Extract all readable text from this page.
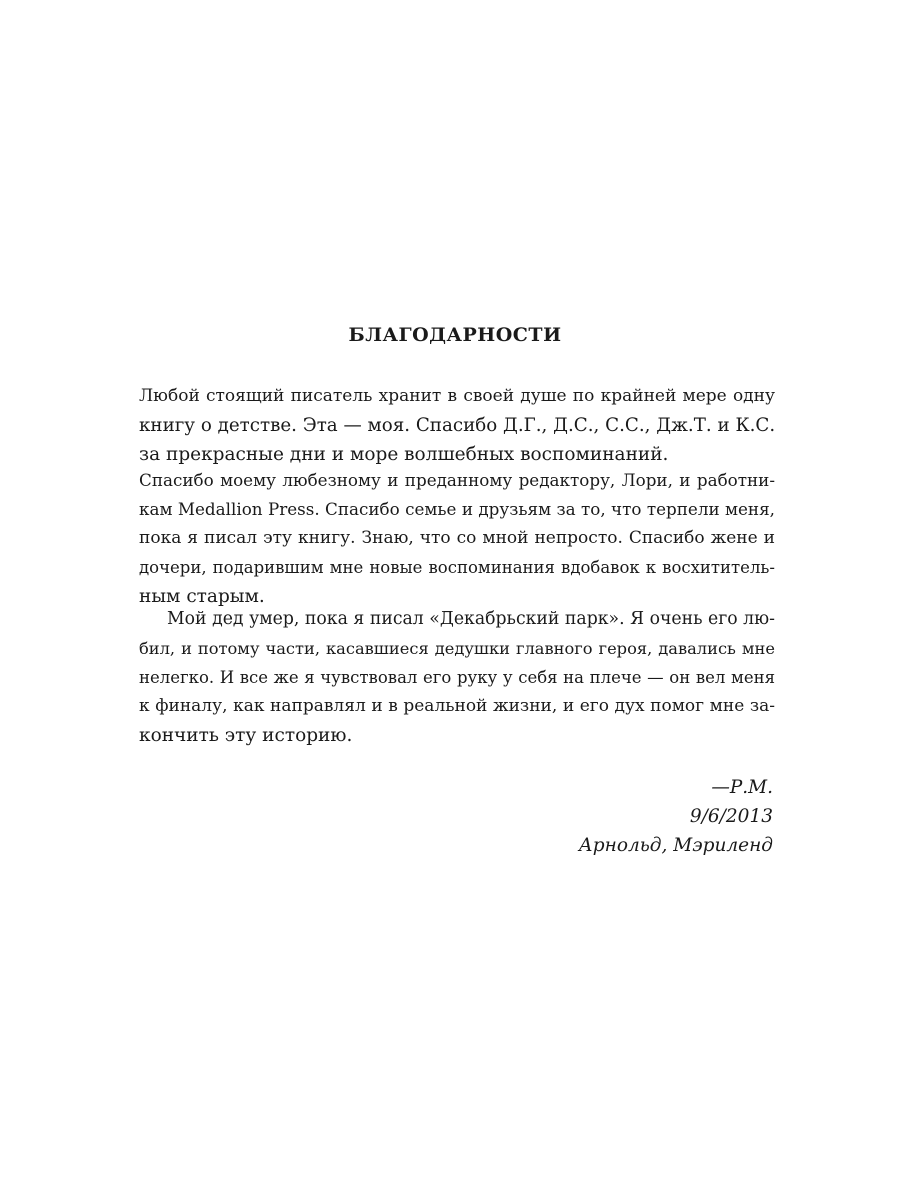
БЛАГОДАРНОСТИ
Любой стоящий писатель хранит в своей душе по крайней мере одну
книгу о детстве. Эта — моя. Спасибо Д.Г., Д.С., С.С., Дж.Т. и К.С.
за прекрасные дни и море волшебных воспоминаний.
Спасибо моему любезному и преданному редактору, Лори, и работни-
кам Medallion Press. Спасибо семье и друзьям за то, что терпели меня,
пока я писал эту книгу. Знаю, что со мной непросто. Спасибо жене и
дочери, подарившим мне новые воспоминания вдобавок к восхититель-
ным старым.
Мой дед умер, пока я писал «Декабрьский парк». Я очень его лю-
бил, и потому части, касавшиеся дедушки главного героя, давались мне
нелегко. И все же я чувствовал его руку у себя на плече — он вел меня
к финалу, как направлял и в реальной жизни, и его дух помог мне за-
кончить эту историю.
—Р.М.
9/6/2013
Арнольд, Мэриленд
